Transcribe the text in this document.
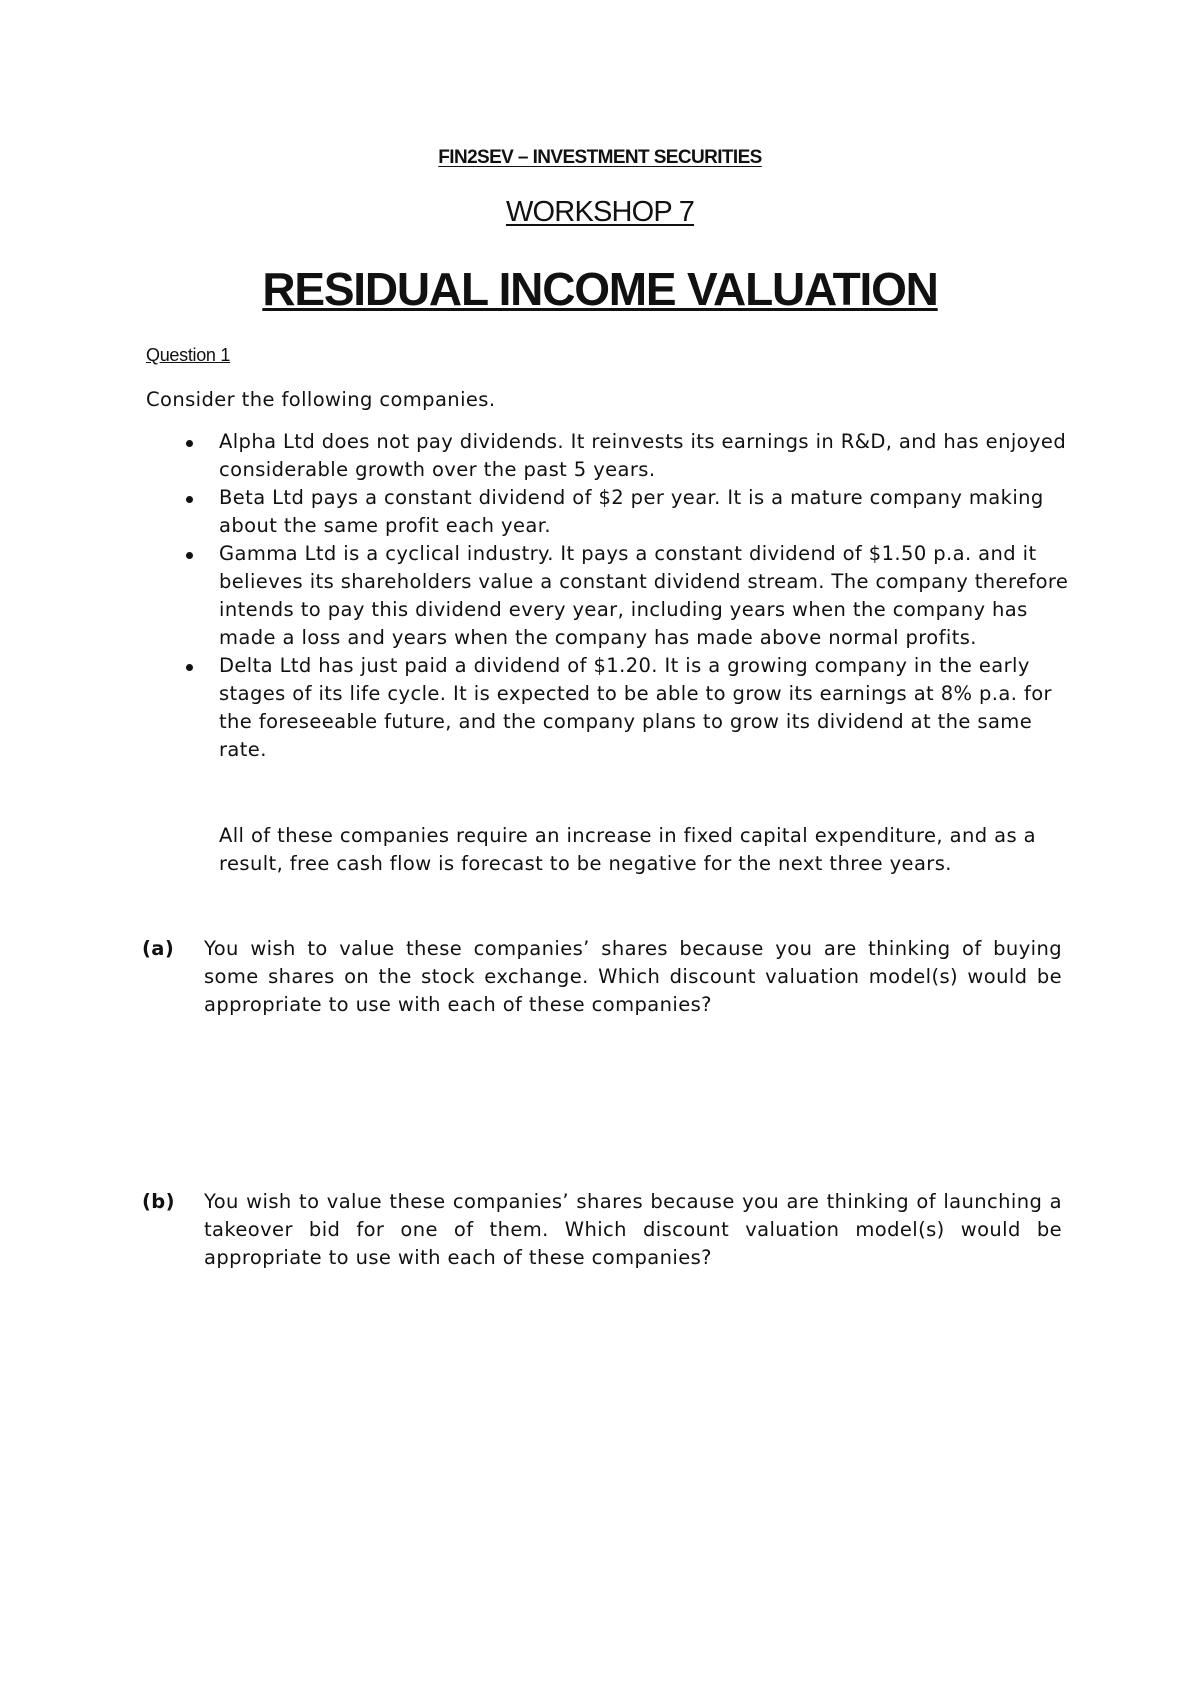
FIN2SEV – INVESTMENT SECURITIES
WORKSHOP 7
RESIDUAL INCOME VALUATION
Question 1
Consider the following companies.
Alpha Ltd does not pay dividends. It reinvests its earnings in R&D, and has enjoyed considerable growth over the past 5 years.
Beta Ltd pays a constant dividend of $2 per year. It is a mature company making about the same profit each year.
Gamma Ltd is a cyclical industry. It pays a constant dividend of $1.50 p.a. and it believes its shareholders value a constant dividend stream. The company therefore intends to pay this dividend every year, including years when the company has made a loss and years when the company has made above normal profits.
Delta Ltd has just paid a dividend of $1.20. It is a growing company in the early stages of its life cycle. It is expected to be able to grow its earnings at 8% p.a. for the foreseeable future, and the company plans to grow its dividend at the same rate.
All of these companies require an increase in fixed capital expenditure, and as a result, free cash flow is forecast to be negative for the next three years.
(a) You wish to value these companies’ shares because you are thinking of buying some shares on the stock exchange. Which discount valuation model(s) would be appropriate to use with each of these companies?
(b) You wish to value these companies’ shares because you are thinking of launching a takeover bid for one of them. Which discount valuation model(s) would be appropriate to use with each of these companies?
